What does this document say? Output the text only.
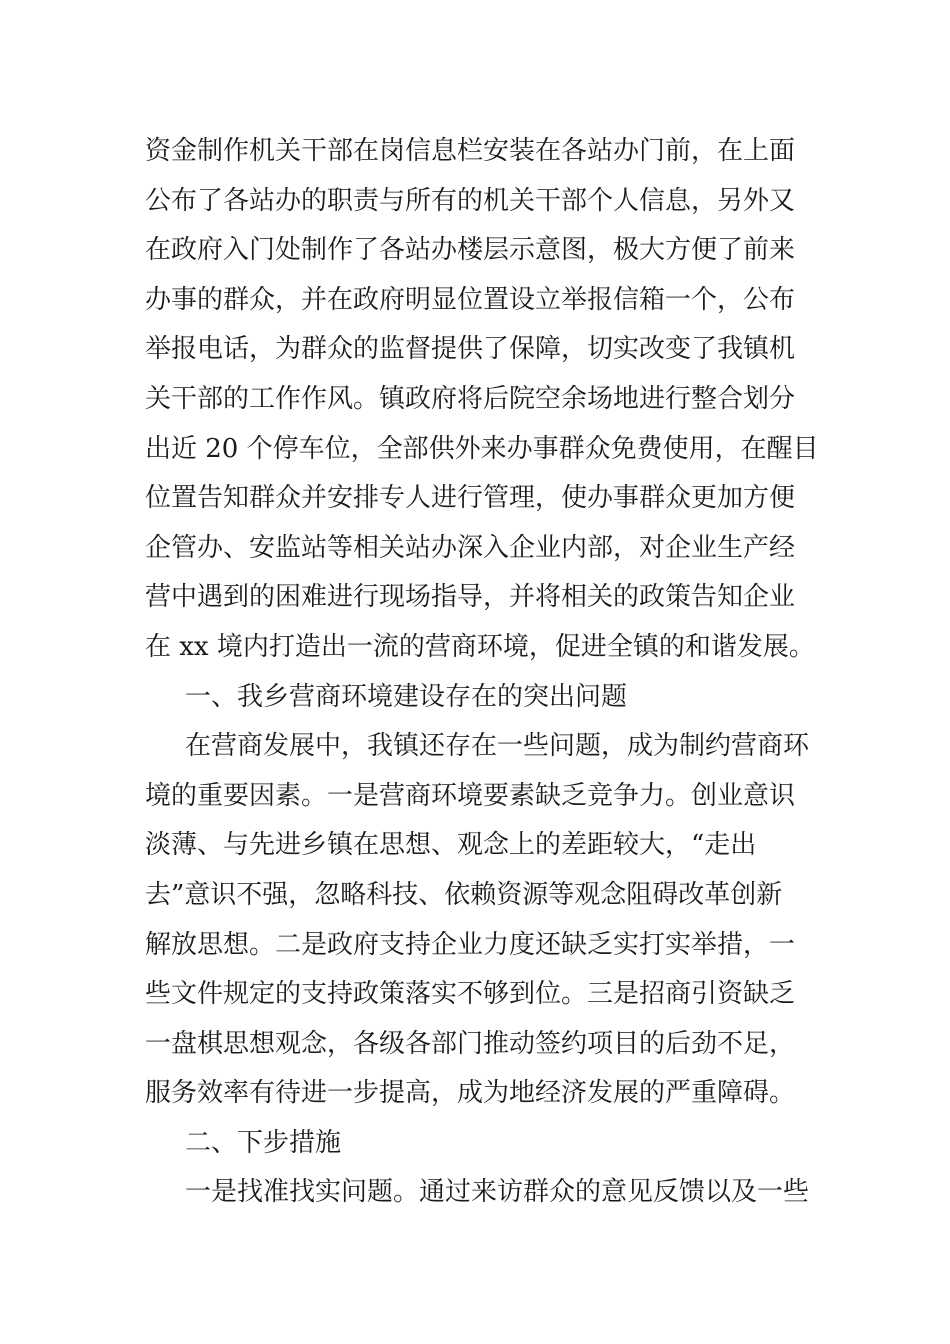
资金制作机关干部在岗信息栏安装在各站办门前，在上面
公布了各站办的职责与所有的机关干部个人信息，另外又
在政府入门处制作了各站办楼层示意图，极大方便了前来
办事的群众，并在政府明显位置设立举报信箱一个，公布
举报电话，为群众的监督提供了保障，切实改变了我镇机
关干部的工作作风。镇政府将后院空余场地进行整合划分
出近 20 个停车位，全部供外来办事群众免费使用，在醒目
位置告知群众并安排专人进行管理，使办事群众更加方便
企管办、安监站等相关站办深入企业内部，对企业生产经
营中遇到的困难进行现场指导，并将相关的政策告知企业
在 xx 境内打造出一流的营商环境，促进全镇的和谐发展。
一、我乡营商环境建设存在的突出问题
在营商发展中，我镇还存在一些问题，成为制约营商环
境的重要因素。一是营商环境要素缺乏竞争力。创业意识
淡薄、与先进乡镇在思想、观念上的差距较大，“走出
去”意识不强，忽略科技、依赖资源等观念阻碍改革创新
解放思想。二是政府支持企业力度还缺乏实打实举措，一
些文件规定的支持政策落实不够到位。三是招商引资缺乏
一盘棋思想观念，各级各部门推动签约项目的后劲不足，
服务效率有待进一步提高，成为地经济发展的严重障碍。
二、下步措施
一是找准找实问题。通过来访群众的意见反馈以及一些
